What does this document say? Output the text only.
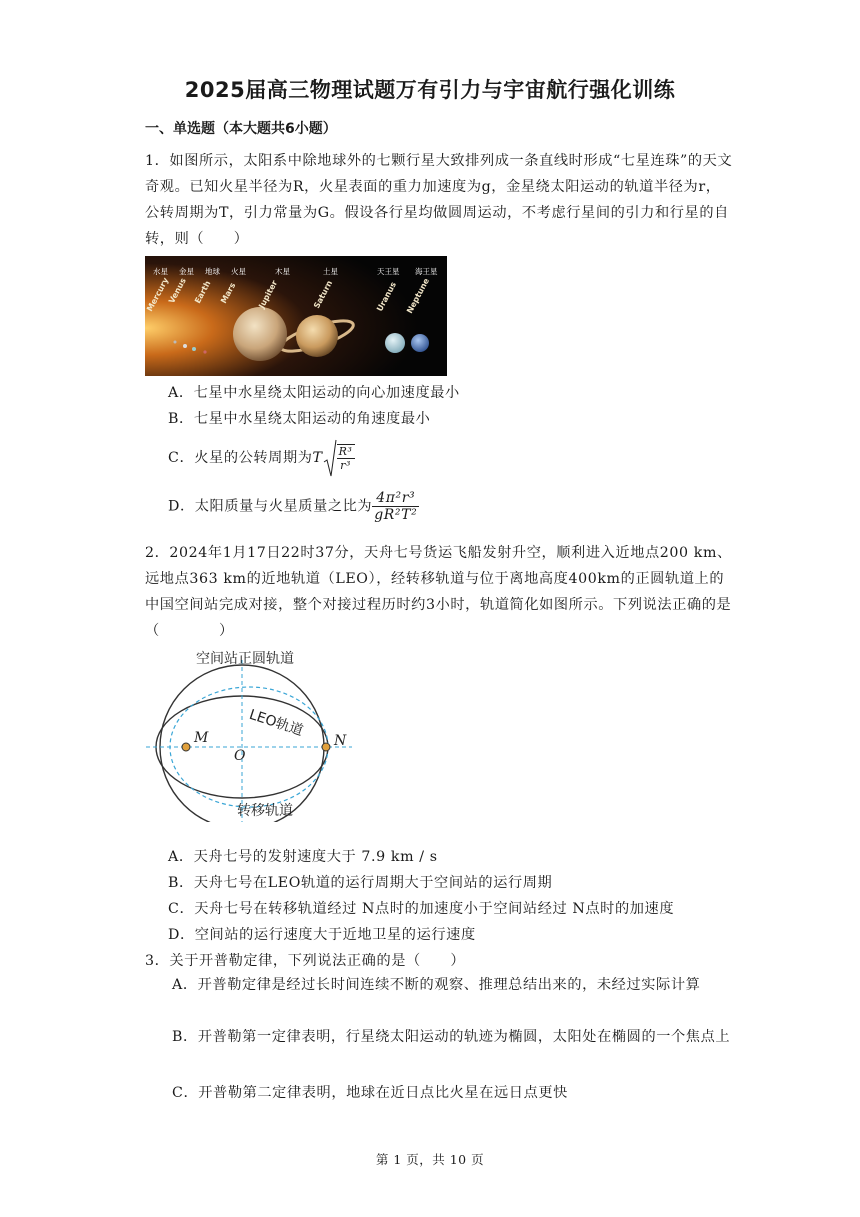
2025届高三物理试题万有引力与宇宙航行强化训练
一、单选题（本大题共6小题）
1．如图所示，太阳系中除地球外的七颗行星大致排列成一条直线时形成“七星连珠”的天文奇观。已知火星半径为R，火星表面的重力加速度为g，金星绕太阳运动的轨道半径为r，公转周期为T，引力常量为G。假设各行星均做圆周运动，不考虑行星间的引力和行星的自转，则（　　）
水星 金星 地球 火星	木星	土星	天王星 海王星
Mercury
Venus Earth Mars Jupiter	Saturn	Uranus Neptune
A．七星中水星绕太阳运动的向心加速度最小
B．七星中水星绕太阳运动的角速度最小
C．火星的公转周期为T $\frac{\text{R³}}{\text{r³}}$
D．太阳质量与火星质量之比为 $\frac{\text{4π²r³}}{\text{gR²T²}}$
2．2024年1月17日22时37分，天舟七号货运飞船发射升空，顺利进入近地点200 km、远地点363 km的近地轨道（LEO），经转移轨道与位于离地高度400km的正圆轨道上的中国空间站完成对接，整个对接过程历时约3小时，轨道简化如图所示。下列说法正确的是（　　　　）
空间站正圆轨道
LEO轨道
转移轨道
M	N
O
A．天舟七号的发射速度大于 7.9 km / s
B．天舟七号在LEO轨道的运行周期大于空间站的运行周期
C．天舟七号在转移轨道经过 N点时的加速度小于空间站经过 N点时的加速度
D．空间站的运行速度大于近地卫星的运行速度
3．关于开普勒定律，下列说法正确的是（　　）
A．开普勒定律是经过长时间连续不断的观察、推理总结出来的，未经过实际计算
B．开普勒第一定律表明，行星绕太阳运动的轨迹为椭圆，太阳处在椭圆的一个焦点上
C．开普勒第二定律表明，地球在近日点比火星在远日点更快
第 1 页，共 10 页
